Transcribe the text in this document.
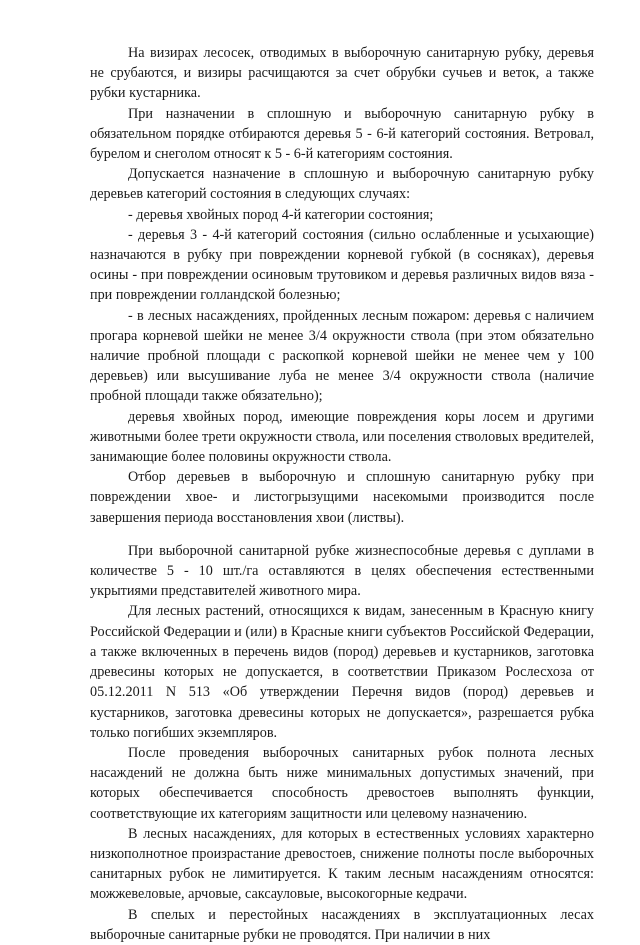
На визирах лесосек, отводимых в выборочную санитарную рубку, деревья не срубаются, и визиры расчищаются за счет обрубки сучьев и веток, а также рубки кустарника.

При назначении в сплошную и выборочную санитарную рубку в обязательном порядке отбираются деревья 5 - 6-й категорий состояния. Ветровал, бурелом и снеголом относят к 5 - 6-й категориям состояния.

Допускается назначение в сплошную и выборочную санитарную рубку деревьев категорий состояния в следующих случаях:

- деревья хвойных пород 4-й категории состояния;

- деревья 3 - 4-й категорий состояния (сильно ослабленные и усыхающие) назначаются в рубку при повреждении корневой губкой (в сосняках), деревья осины - при повреждении осиновым трутовиком и деревья различных видов вяза - при повреждении голландской болезнью;

- в лесных насаждениях, пройденных лесным пожаром: деревья с наличием прогара корневой шейки не менее 3/4 окружности ствола (при этом обязательно наличие пробной площади с раскопкой корневой шейки не менее чем у 100 деревьев) или высушивание луба не менее 3/4 окружности ствола (наличие пробной площади также обязательно);

деревья хвойных пород, имеющие повреждения коры лосем и другими животными более трети окружности ствола, или поселения стволовых вредителей, занимающие более половины окружности ствола.

Отбор деревьев в выборочную и сплошную санитарную рубку при повреждении хвое- и листогрызущими насекомыми производится после завершения периода восстановления хвои (листвы).

При выборочной санитарной рубке жизнеспособные деревья с дуплами в количестве 5 - 10 шт./га оставляются в целях обеспечения естественными укрытиями представителей животного мира.

Для лесных растений, относящихся к видам, занесенным в Красную книгу Российской Федерации и (или) в Красные книги субъектов Российской Федерации, а также включенных в перечень видов (пород) деревьев и кустарников, заготовка древесины которых не допускается, в соответствии Приказом Рослесхоза от 05.12.2011 N 513 «Об утверждении Перечня видов (пород) деревьев и кустарников, заготовка древесины которых не допускается», разрешается рубка только погибших экземпляров.

После проведения выборочных санитарных рубок полнота лесных насаждений не должна быть ниже минимальных допустимых значений, при которых обеспечивается способность древостоев выполнять функции, соответствующие их категориям защитности или целевому назначению.

В лесных насаждениях, для которых в естественных условиях характерно низкополнотное произрастание древостоев, снижение полноты после выборочных санитарных рубок не лимитируется. К таким лесным насаждениям относятся: можжевеловые, арчовые, саксауловые, высокогорные кедрачи.

В спелых и перестойных насаждениях в эксплуатационных лесах выборочные санитарные рубки не проводятся. При наличии в них
